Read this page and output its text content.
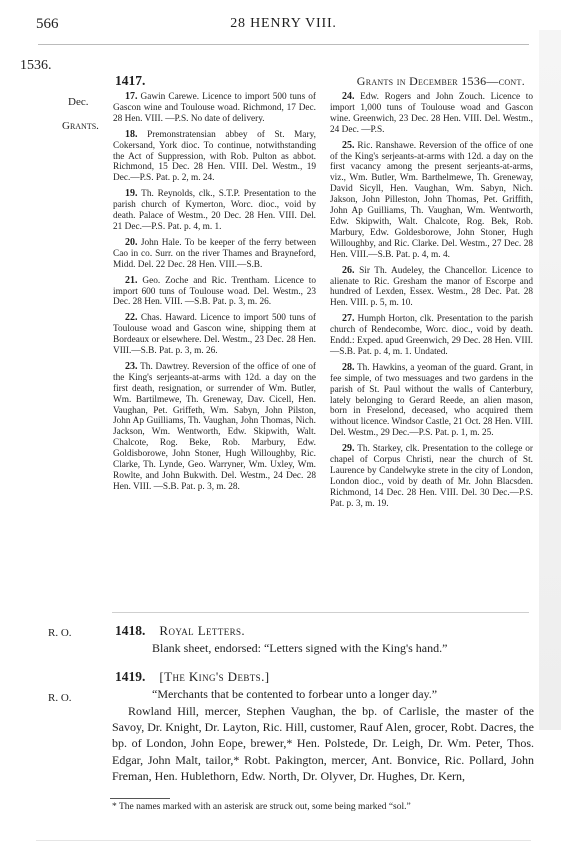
566	28 HENRY VIII.
1536.
Dec.
Grants.
1417.	Grants in December 1536—cont.

17. Gawin Carewe. Licence to import 500 tuns of Gascon wine and Toulouse woad. Richmond, 17 Dec. 28 Hen. VIII. —P.S. No date of delivery.

18. Premonstratensian abbey of St. Mary, Cokersand, York dioc. To continue, notwithstanding the Act of Suppression, with Rob. Pulton as abbot. Richmond, 15 Dec. 28 Hen. VIII. Del. Westm., 19 Dec.—P.S. Pat. p. 2, m. 24.

19. Th. Reynolds, clk., S.T.P. Presentation to the parish church of Kymerton, Worc. dioc., void by death. Palace of Westm., 20 Dec. 28 Hen. VIII. Del. 21 Dec.—P.S. Pat. p. 4, m. 1.

20. John Hale. To be keeper of the ferry between Cao in co. Surr. on the river Thames and Brayneford, Midd. Del. 22 Dec. 28 Hen. VIII.—S.B.

21. Geo. Zoche and Ric. Trentham. Licence to import 600 tuns of Toulouse woad. Del. Westm., 23 Dec. 28 Hen. VIII. —S.B. Pat. p. 3, m. 26.

22. Chas. Haward. Licence to import 500 tuns of Toulouse woad and Gascon wine, shipping them at Bordeaux or elsewhere. Del. Westm., 23 Dec. 28 Hen. VIII.—S.B. Pat. p. 3, m. 26.

23. Th. Dawtrey. Reversion of the office of one of the King's serjeants-at-arms with 12d. a day on the first death, resignation, or surrender of Wm. Butler, Wm. Bartilmewe, Th. Greneway, Dav. Cicell, Hen. Vaughan, Pet. Griffeth, Wm. Sabyn, John Pilston, John Ap Guilliams, Th. Vaughan, John Thomas, Nich. Jackson, Wm. Wentworth, Edw. Skipwith, Walt. Chalcote, Rog. Beke, Rob. Marbury, Edw. Goldisborowe, John Stoner, Hugh Willoughby, Ric. Clarke, Th. Lynde, Geo. Warryner, Wm. Uxley, Wm. Rowlte, and John Bukwith. Del. Westm., 24 Dec. 28 Hen. VIII. —S.B. Pat. p. 3, m. 28.

24. Edw. Rogers and John Zouch. Licence to import 1,000 tuns of Toulouse woad and Gascon wine. Greenwich, 23 Dec. 28 Hen. VIII. Del. Westm., 24 Dec. —P.S.

25. Ric. Ranshawe. Reversion of the office of one of the King's serjeants-at-arms with 12d. a day on the first vacancy among the present serjeants-at-arms, viz., Wm. Butler, Wm. Barthelmewe, Th. Greneway, David Sicyll, Hen. Vaughan, Wm. Sabyn, Nich. Jakson, John Pilleston, John Thomas, Pet. Griffith, John Ap Guilliams, Th. Vaughan, Wm. Wentworth, Edw. Skipwith, Walt. Chalcote, Rog. Bek, Rob. Marbury, Edw. Goldesborowe, John Stoner, Hugh Willoughby, and Ric. Clarke. Del. Westm., 27 Dec. 28 Hen. VIII.—S.B. Pat. p. 4, m. 4.

26. Sir Th. Audeley, the Chancellor. Licence to alienate to Ric. Gresham the manor of Escorpe and hundred of Lexden, Essex. Westm., 28 Dec. Pat. 28 Hen. VIII. p. 5, m. 10.

27. Humph Horton, clk. Presentation to the parish church of Rendecombe, Worc. dioc., void by death. Endd.: Exped. apud Greenwich, 29 Dec. 28 Hen. VIII.—S.B. Pat. p. 4, m. 1. Undated.

28. Th. Hawkins, a yeoman of the guard. Grant, in fee simple, of two messuages and two gardens in the parish of St. Paul without the walls of Canterbury, lately belonging to Gerard Reede, an alien mason, born in Freselond, deceased, who acquired them without licence. Windsor Castle, 21 Oct. 28 Hen. VIII. Del. Westm., 29 Dec.—P.S. Pat. p. 1, m. 25.

29. Th. Starkey, clk. Presentation to the college or chapel of Corpus Christi, near the church of St. Laurence by Candelwyke strete in the city of London, London dioc., void by death of Mr. John Blacsden. Richmond, 14 Dec. 28 Hen. VIII. Del. 30 Dec.—P.S. Pat. p. 3, m. 19.

R. O.	1418. Royal Letters.
Blank sheet, endorsed: “Letters signed with the King's hand.”
R. O.
1419. [The King's Debts.]
“Merchants that be contented to forbear unto a longer day.”
Rowland Hill, mercer, Stephen Vaughan, the bp. of Carlisle, the master of the Savoy, Dr. Knight, Dr. Layton, Ric. Hill, customer, Rauf Alen, grocer, Robt. Dacres, the bp. of London, John Eope, brewer,* Hen. Polstede, Dr. Leigh, Dr. Wm. Peter, Thos. Edgar, John Malt, tailor,* Robt. Pakington, mercer, Ant. Bonvice, Ric. Pollard, John Freman, Hen. Hublethorn, Edw. North, Dr. Olyver, Dr. Hughes, Dr. Kern,
* The names marked with an asterisk are struck out, some being marked “sol.”
